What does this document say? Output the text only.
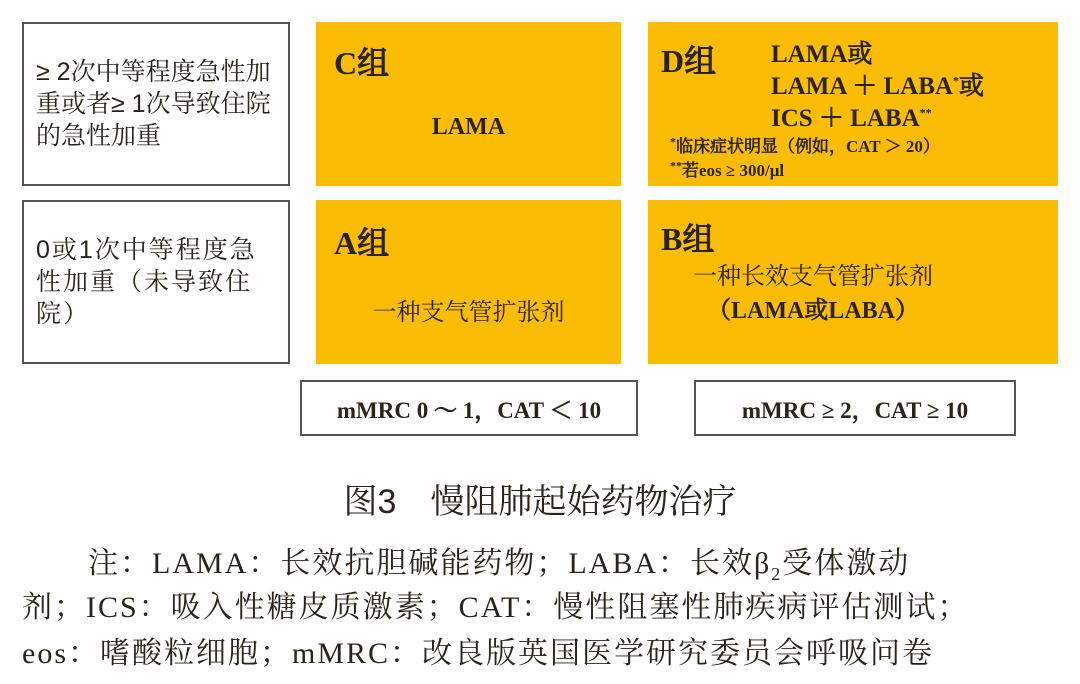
≥ 2次中等程度急性加重或者≥ 1次导致住院的急性加重
0或1次中等程度急性加重（未导致住院）
C组
LAMA
D组 LAMA或
LAMA ＋ LABA*或
ICS ＋ LABA**
*临床症状明显（例如，CAT ＞ 20）
**若eos ≥ 300/μl
A组
一种支气管扩张剂
B组
一种长效支气管扩张剂
（LAMA或LABA）
mMRC 0 ～ 1，CAT ＜ 10	mMRC ≥ 2，CAT ≥ 10
图3　慢阻肺起始药物治疗
注：LAMA：长效抗胆碱能药物；LABA：长效$\beta_2$受体激动
剂；ICS：吸入性糖皮质激素；CAT：慢性阻塞性肺疾病评估测试；
eos：嗜酸粒细胞；mMRC：改良版英国医学研究委员会呼吸问卷
